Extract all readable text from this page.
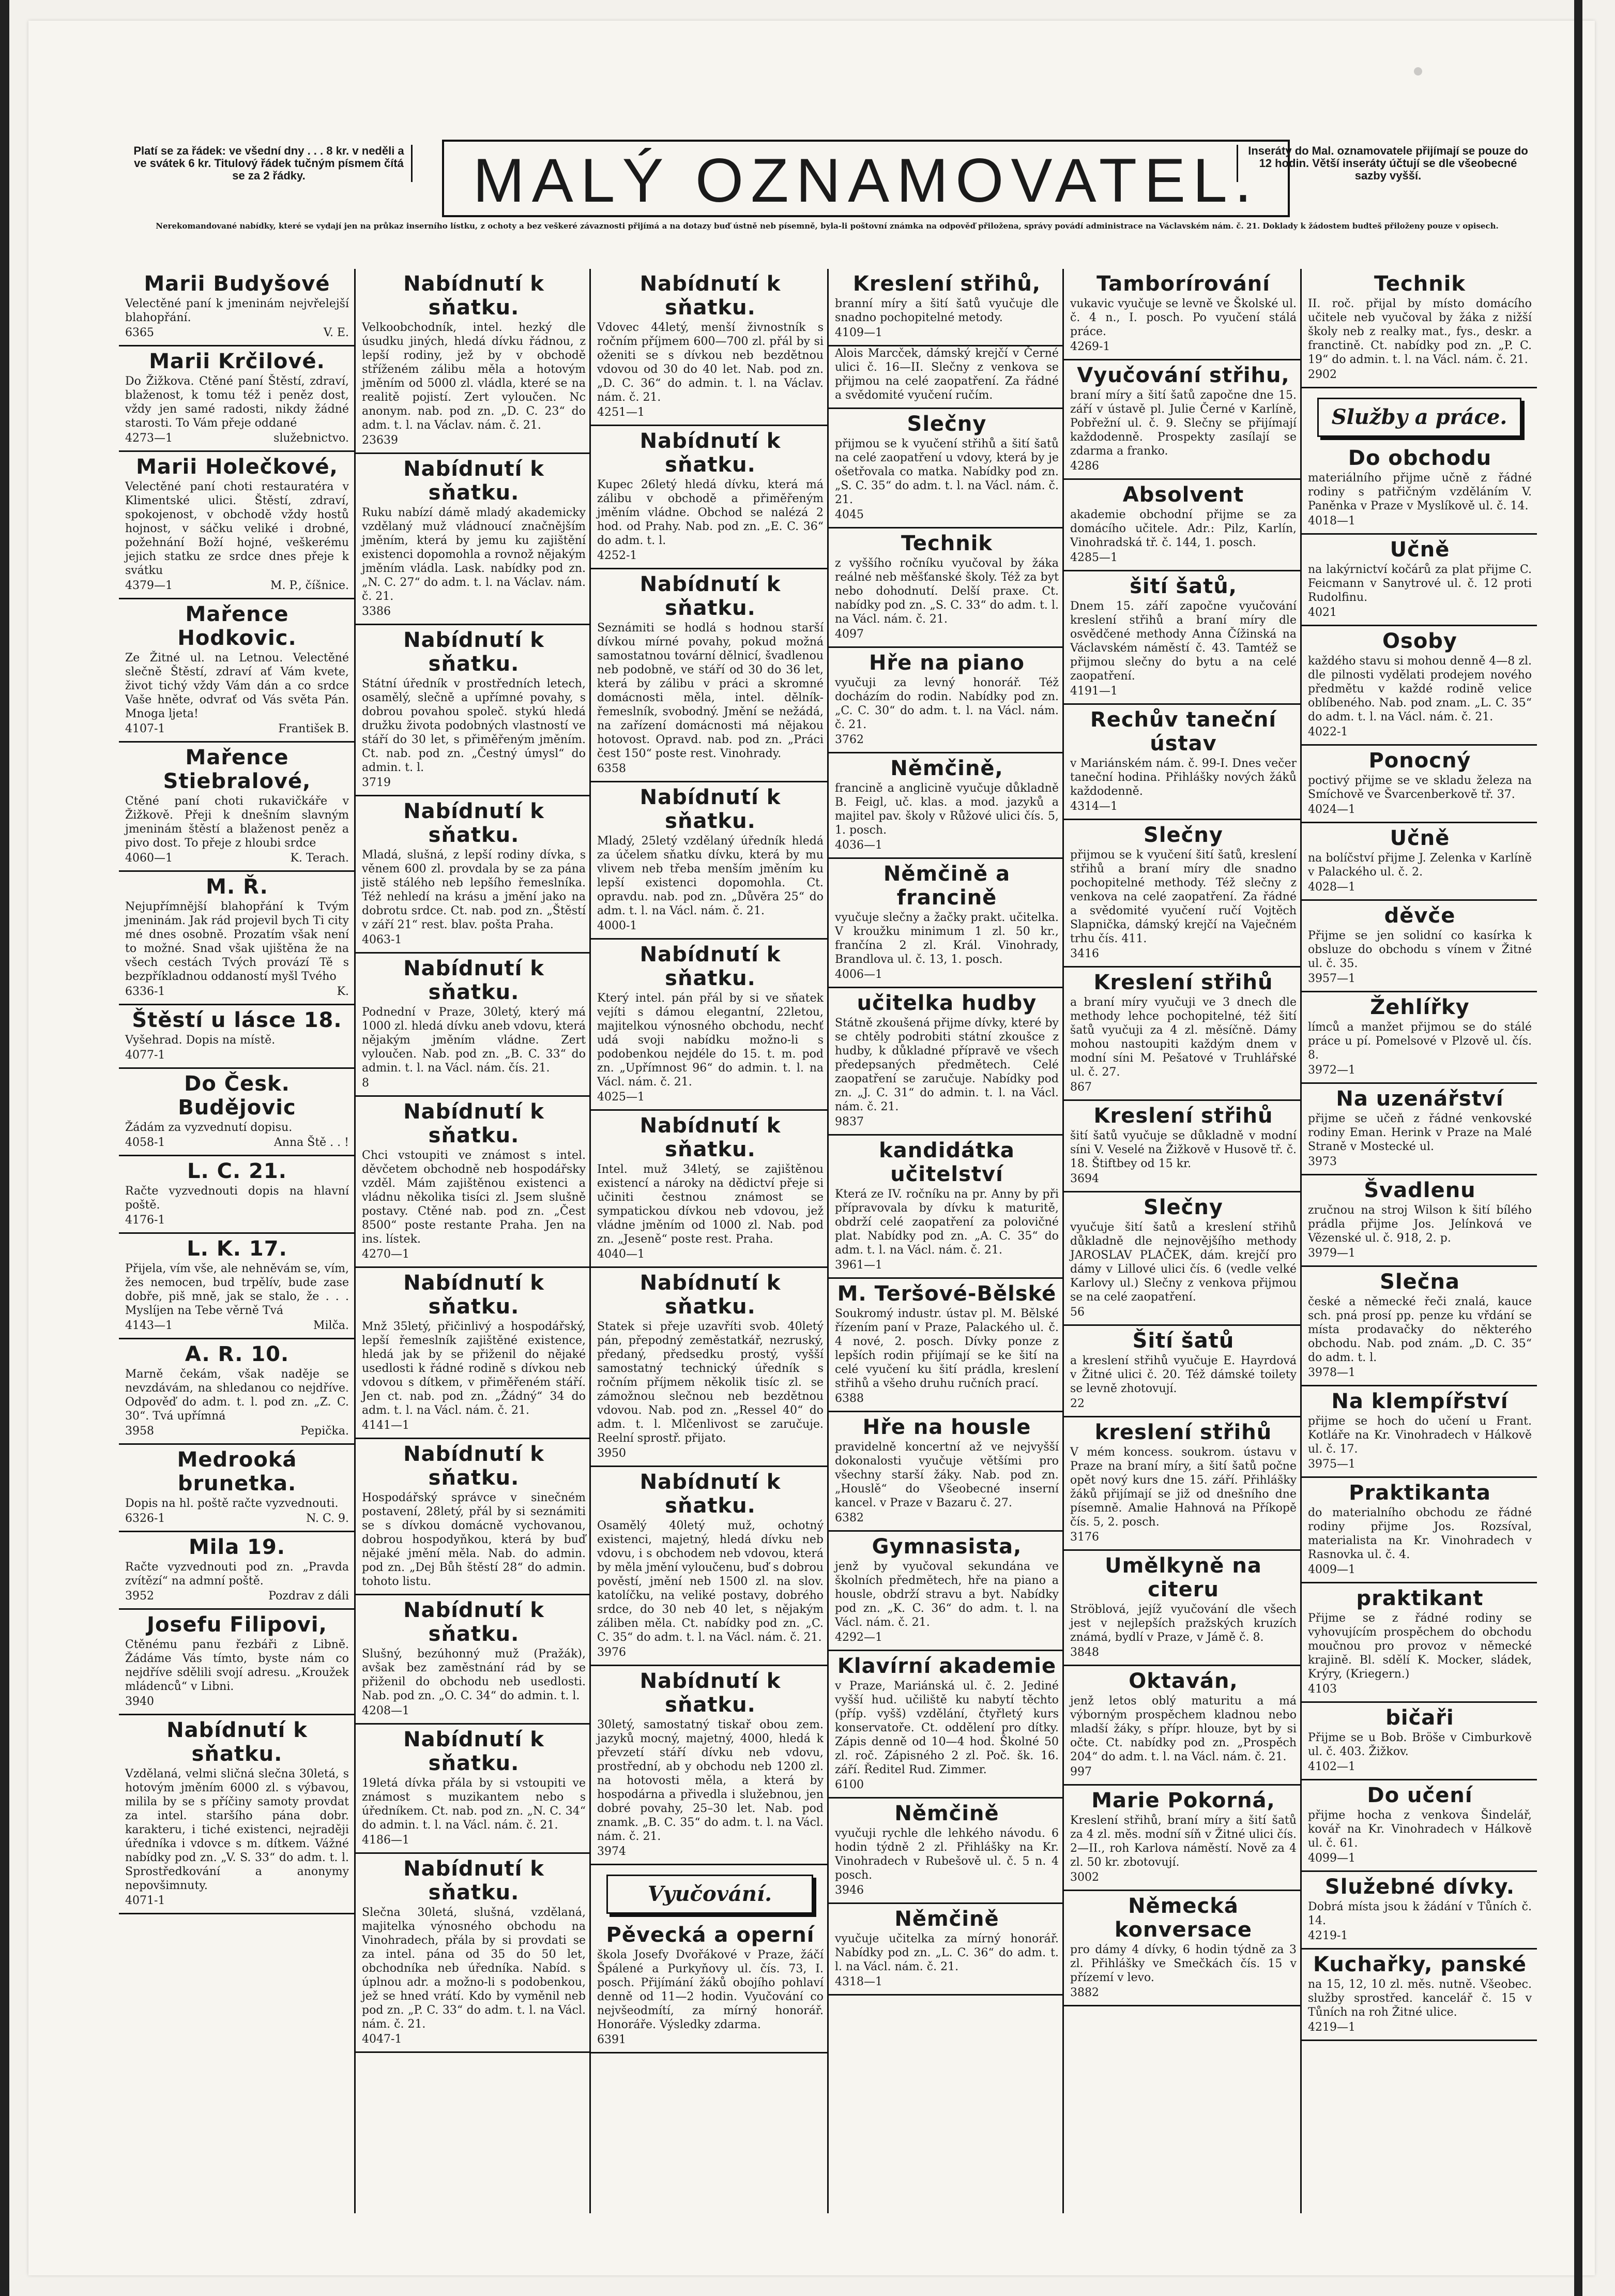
Platí se za řádek: ve všední dny . . . 8 kr. v neděli a ve svátek 6 kr. Titulový řádek tučným písmem čítá se za 2 řádky.	MALÝ OZNAMOVATEL.
Inseráty do Mal. oznamovatele přijímají se pouze do 12 hodin. Větší inseráty účtují se dle všeobecné sazby vyšší.
Nerekomandované nabídky, které se vydají jen na průkaz inserního lístku, z ochoty a bez veškeré závaznosti přijímá a na dotazy buď ústně neb písemně, byla-li poštovní známka na odpověď přiložena, správy povádí administrace na Václavském nám. č. 21. Doklady k žádostem budteš přiloženy pouze v opisech.
Marii Budyšové

Velectěné paní k jmeninám nejvřelejší blahopřání.

6365	V. E.
Marii Krčilové.

Do Žižkova. Ctěné paní Štěstí, zdraví, blaženost, k tomu též i peněz dost, vždy jen samé radosti, nikdy žádné starosti. To Vám přeje oddané

4273—1	služebnictvo.
Marii Holečkové,

Velectěné paní choti restauratéra v Klimentské ulici. Štěstí, zdraví, spokojenost, v obchodě vždy hostů hojnost, v sáčku veliké i drobné, požehnání Boží hojné, veškerému jejich statku ze srdce dnes přeje k svátku

4379—1	M. P., číšnice.
Mařence Hodkovic.

Ze Žitné ul. na Letnou. Velectěné slečně Štěstí, zdraví ať Vám kvete, život tichý vždy Vám dán a co srdce Vaše hněte, odvrať od Vás světa Pán. Mnoga ljeta!

4107-1	František B.
Mařence Stiebralové,

Ctěné paní choti rukavičkáře v Žižkově. Přeji k dnešním slavným jmeninám štěstí a blaženost peněz a pivo dost. To přeje z hloubi srdce

4060—1	K. Terach.
M. Ř.

Nejupřímnější blahopřání k Tvým jmeninám. Jak rád projevil bych Ti city mé dnes osobně. Prozatím však není to možné. Snad však ujištěna že na všech cestách Tvých provází Tě s bezpříkladnou oddaností myšl Tvého

6336-1	K.
Štěstí u lásce 18.

Vyšehrad. Dopis na místě.

4077-1
Do Česk. Budějovic

Žádám za vyzvednutí dopisu.

4058-1	Anna Ště . . !
L. C. 21.

Račte vyzvednouti dopis na hlavní poště.

4176-1
L. K. 17.

Přijela, vím vše, ale nehněvám se, vím, žes nemocen, bud trpělív, bude zase dobře, piš mně, jak se stalo, že . . . Myslíjen na Tebe věrně Tvá

4143—1	Milča.
A. R. 10.

Marně čekám, však naděje se nevzdávám, na shledanou co nejdříve. Odpověď do adm. t. l. pod zn. „Z. C. 30“. Tvá upřímná

3958	Pepička.
Medrooká brunetka.

Dopis na hl. poště račte vyzvednouti.

6326-1	N. C. 9.
Mila 19.

Račte vyzvednouti pod zn. „Pravda zvítězí“ na admní poště.

3952	Pozdrav z dáli
Josefu Filipovi,

Ctěnému panu řezbáři z Libně. Žádáme Vás tímto, byste nám co nejdříve sdělili svojí adresu. „Kroužek mládenců“ v Libni.

3940
Nabídnutí k sňatku.

Vzdělaná, velmi sličná slečna 30letá, s hotovým jměním 6000 zl. s výbavou, milila by se s příčiny samoty provdat za intel. staršího pána dobr. karakteru, i tiché existenci, nejraději úředníka i vdovce s m. dítkem. Vážné nabídky pod zn. „V. S. 33“ do adm. t. l. Sprostředkování a anonymy nepovšimnuty.

4071-1
Nabídnutí k sňatku.

Velkoobchodník, intel. hezký dle úsudku jiných, hledá dívku řádnou, z lepší rodiny, jež by v obchodě stříženém zálibu měla a hotovým jměním od 5000 zl. vládla, které se na realitě pojistí. Zert vyloučen. Nc anonym. nab. pod zn. „D. C. 23“ do adm. t. l. na Václav. nám. č. 21.

23639
Nabídnutí k sňatku.

Ruku nabízí dámě mladý akademicky vzdělaný muž vládnoucí značnějším jměním, která by jemu ku zajištění existenci dopomohla a rovnož nějakým jměním vládla. Lask. nabídky pod zn. „N. C. 27“ do adm. t. l. na Václav. nám. č. 21.

3386
Nabídnutí k sňatku.

Státní úředník v prostředních letech, osamělý, slečně a upřímné povahy, s dobrou povahou společ. stykú hledá družku života podobných vlastností ve stáří do 30 let, s přiměřeným jměním. Ct. nab. pod zn. „Čestný úmysl“ do admin. t. l.

3719
Nabídnutí k sňatku.

Mladá, slušná, z lepší rodiny dívka, s věnem 600 zl. provdala by se za pána jistě stálého neb lepšího řemeslníka. Též nehledí na krásu a jmění jako na dobrotu srdce. Ct. nab. pod zn. „Štěstí v září 21“ rest. blav. pošta Praha.

4063-1
Nabídnutí k sňatku.

Podnední v Praze, 30letý, který má 1000 zl. hledá dívku aneb vdovu, která nějakým jměním vládne. Zert vyloučen. Nab. pod zn. „B. C. 33“ do admin. t. l. na Václ. nám. čís. 21.

8
Nabídnutí k sňatku.

Chci vstoupiti ve známost s intel. děvčetem obchodně neb hospodářsky vzděl. Mám zajištěnou existenci a vládnu několika tisíci zl. Jsem slušně postavy. Ctěné nab. pod zn. „Čest 8500“ poste restante Praha. Jen na ins. lístek.

4270—1
Nabídnutí k sňatku.

Mnž 35letý, přičinlivý a hospodářský, lepší řemeslník zajištěné existence, hledá jak by se přiženil do nějaké usedlosti k řádné rodině s dívkou neb vdovou s dítkem, v přiměřeném stáří. Jen ct. nab. pod zn. „Žádný“ 34 do adm. t. l. na Václ. nám. č. 21.

4141—1
Nabídnutí k sňatku.

Hospodářský správce v sinečném postavení, 28letý, přál by si seznámiti se s dívkou domácně vychovanou, dobrou hospodyňkou, která by buď nějaké jmění měla. Nab. do admin. pod zn. „Dej Bůh štěstí 28“ do admin. tohoto listu.

Nabídnutí k sňatku.

Slušný, bezúhonný muž (Pražák), avšak bez zaměstnání rád by se přiženil do obchodu neb usedlosti. Nab. pod zn. „O. C. 34“ do admin. t. l.

4208—1
Nabídnutí k sňatku.

19letá dívka přála by si vstoupiti ve známost s muzikantem nebo s úředníkem. Ct. nab. pod zn. „N. C. 34“ do admin. t. l. na Václ. nám. č. 21.

4186—1
Nabídnutí k sňatku.

Slečna 30letá, slušná, vzdělaná, majitelka výnosného obchodu na Vinohradech, přála by si provdati se za intel. pána od 35 do 50 let, obchodníka neb úředníka. Nabíd. s úplnou adr. a možno-li s podobenkou, jež se hned vrátí. Kdo by vyměnil neb pod zn. „P. C. 33“ do adm. t. l. na Václ. nám. č. 21.

4047-1
Nabídnutí k sňatku.

Vdovec 44letý, menší živnostník s ročním příjmem 600—700 zl. přál by si oženiti se s dívkou neb bezdětnou vdovou od 30 do 40 let. Nab. pod zn. „D. C. 36“ do admin. t. l. na Václav. nám. č. 21.

4251—1
Nabídnutí k sňatku.

Kupec 26letý hledá dívku, která má zálibu v obchodě a přiměřeným jměním vládne. Obchod se nalézá 2 hod. od Prahy. Nab. pod zn. „E. C. 36“ do adm. t. l.

4252-1
Nabídnutí k sňatku.

Seznámiti se hodlá s hodnou starší dívkou mírné povahy, pokud možná samostatnou tovární dělnicí, švadlenou neb podobně, ve stáří od 30 do 36 let, která by zálibu v práci a skromné domácnosti měla, intel. dělník-řemeslník, svobodný. Jmění se nežádá, na zařízení domácnosti má nějakou hotovost. Opravd. nab. pod zn. „Práci čest 150“ poste rest. Vinohrady.

6358
Nabídnutí k sňatku.

Mladý, 25letý vzdělaný úředník hledá za účelem sňatku dívku, která by mu vlivem neb třeba menším jměním ku lepší existenci dopomohla. Ct. opravdu. nab. pod zn. „Důvěra 25“ do adm. t. l. na Václ. nám. č. 21.

4000-1
Nabídnutí k sňatku.

Který intel. pán přál by si ve sňatek vejíti s dámou elegantní, 22letou, majitelkou výnosného obchodu, nechť udá svoji nabídku možno-li s podobenkou nejdéle do 15. t. m. pod zn. „Upřímnost 96“ do admin. t. l. na Václ. nám. č. 21.

4025—1
Nabídnutí k sňatku.

Intel. muž 34letý, se zajištěnou existencí a nároky na dědictví přeje si učiniti čestnou známost se sympatickou dívkou neb vdovou, jež vládne jměním od 1000 zl. Nab. pod zn. „Jeseně“ poste rest. Praha.

4040—1
Nabídnutí k sňatku.

Statek si přeje uzavříti svob. 40letý pán, přepodný zeměstatkář, nezruský, předaný, předsedku prostý, vyšší samostatný technický úředník s ročním příjmem několik tisíc zl. se zámožnou slečnou neb bezdětnou vdovou. Nab. pod zn. „Ressel 40“ do adm. t. l. Mlčenlivost se zaručuje. Reelní sprostř. přijato.

3950
Nabídnutí k sňatku.

Osamělý 40letý muž, ochotný existenci, majetný, hledá dívku neb vdovu, i s obchodem neb vdovou, která by měla jmění vyloučenu, buď s dobrou pověstí, jmění neb 1500 zl. na slov. katolíčku, na veliké postavy, dobrého srdce, do 30 neb 40 let, s nějakým záliben měla. Ct. nabídky pod zn. „C. C. 35“ do adm. t. l. na Václ. nám. č. 21.

3976
Nabídnutí k sňatku.

30letý, samostatný tiskař obou zem. jazyků mocný, majetný, 4000, hledá k převzetí stáří dívku neb vdovu, prostřední, ab y obchodu neb 1200 zl. na hotovosti měla, a která by hospodárna a přivedla i služebnou, jen dobré povahy, 25–30 let. Nab. pod znamk. „B. C. 35“ do adm. t. l. na Václ. nám. č. 21.

3974
Vyučování.
Pěvecká a operní

škola Josefy Dvořákové v Praze, žáčí Špálené a Purkyňovy ul. čís. 73, I. posch. Přijímání žáků obojího pohlaví denně od 11—2 hodin. Vyučování co nejvšeodmítí, za mírný honorář. Honoráře. Výsledky zdarma.

6391
Kreslení střihů,

branní míry a šití šatů vyučuje dle snadno pochopitelné metody.

4109—1

Alois Marcček, dámský krejčí v Černé ulici č. 16—II. Slečny z venkova se přijmou na celé zaopatření. Za řádné a svědomité vyučení ručím.

Slečny

přijmou se k vyučení střihů a šití šatů na celé zaopatření u vdovy, která by je ošetřovala co matka. Nabídky pod zn. „S. C. 35“ do adm. t. l. na Václ. nám. č. 21.

4045
Technik

z vyššího ročníku vyučoval by žáka reálné neb měšťanské školy. Též za byt nebo dohodnutí. Delší praxe. Ct. nabídky pod zn. „S. C. 33“ do adm. t. l. na Václ. nám. č. 21.

4097
Hře na piano

vyučuji za levný honorář. Též docházím do rodin. Nabídky pod zn. „C. C. 30“ do adm. t. l. na Václ. nám. č. 21.

3762
Němčině,

francině a anglicině vyučuje důkladně B. Feigl, uč. klas. a mod. jazyků a majitel pav. školy v Růžové ulici čís. 5, 1. posch.

4036—1
Němčině a francině

vyučuje slečny a žačky prakt. učitelka. V kroužku minimum 1 zl. 50 kr., frančína 2 zl. Král. Vinohrady, Brandlova ul. č. 13, 1. posch.

4006—1
učitelka hudby

Státně zkoušená přijme dívky, které by se chtěly podrobiti státní zkoušce z hudby, k důkladné přípravě ve všech předepsaných předmětech. Celé zaopatření se zaručuje. Nabídky pod zn. „J. C. 31“ do admin. t. l. na Václ. nám. č. 21.

9837
kandidátka učitelství

Která ze IV. ročníku na pr. Anny by při přípravovala by dívku k maturitě, obdrží celé zaopatření za polovičné plat. Nabídky pod zn. „A. C. 35“ do adm. t. l. na Václ. nám. č. 21.

3961—1
M. Teršové-Bělské

Soukromý industr. ústav pl. M. Bělské řízením paní v Praze, Palackého ul. č. 4 nové, 2. posch. Dívky ponze z lepších rodin přijímají se ke šití na celé vyučení ku šití prádla, kreslení střihů a všeho druhu ručních prací.

6388
Hře na housle

pravidelně koncertní až ve nejvyšší dokonalosti vyučuje většími pro všechny starší žáky. Nab. pod zn. „Houslě“ do Všeobecné inserní kancel. v Praze v Bazaru č. 27.

6382
Gymnasista,

jenž by vyučoval sekundána ve školních předmětech, hře na piano a housle, obdrží stravu a byt. Nabídky pod zn. „K. C. 36“ do adm. t. l. na Václ. nám. č. 21.

4292—1
Klavírní akademie

v Praze, Mariánská ul. č. 2. Jediné vyšší hud. učiliště ku nabytí těchto (příp. vyšš) vzdělání, čtyřletý kurs konservatoře. Ct. oddělení pro dítky. Zápis denně od 10—4 hod. Školné 50 zl. roč. Zápisného 2 zl. Poč. šk. 16. září. Ředitel Rud. Zimmer.

6100
Němčině

vyučuji rychle dle lehkého návodu. 6 hodin týdně 2 zl. Přihlášky na Kr. Vinohradech v Rubešově ul. č. 5 n. 4 posch.

3946
Němčině

vyučuje učitelka za mírný honorář. Nabídky pod zn. „L. C. 36“ do adm. t. l. na Václ. nám. č. 21.

4318—1
Tamborírování

vukavic vyučuje se levně ve Školské ul. č. 4 n., I. posch. Po vyučení stálá práce.

4269-1
Vyučování střihu,

braní míry a šití šatů započne dne 15. září v ústavě pl. Julie Černé v Karlíně, Pobřežní ul. č. 9. Slečny se přijímají každodenně. Prospekty zasílají se zdarma a franko.

4286
Absolvent

akademie obchodní přijme se za domácího učitele. Adr.: Pilz, Karlín, Vinohradská tř. č. 144, 1. posch.

4285—1
šití šatů,

Dnem 15. září započne vyučování kreslení střihů a braní míry dle osvědčené methody Anna Čížinská na Václavském náměstí č. 43. Tamtéž se přijmou slečny do bytu a na celé zaopatření.

4191—1
Rechův taneční ústav

v Mariánském nám. č. 99-I. Dnes večer taneční hodina. Přihlášky nových žáků každodenně.

4314—1
Slečny

přijmou se k vyučení šití šatů, kreslení střihů a braní míry dle snadno pochopitelné methody. Též slečny z venkova na celé zaopatření. Za řádné a svědomité vyučení ručí Vojtěch Slapnička, dámský krejčí na Vaječném trhu čís. 411.

3416
Kreslení střihů

a braní míry vyučuji ve 3 dnech dle methody lehce pochopitelné, též šití šatů vyučuji za 4 zl. měsíčně. Dámy mohou nastoupiti každým dnem v modní síni M. Pešatové v Truhlářské ul. č. 27.

867
Kreslení střihů

šití šatů vyučuje se důkladně v modní síni V. Veselé na Žižkově v Husově tř. č. 18. Štiftbey od 15 kr.

3694
Slečny

vyučuje šití šatů a kreslení střihů důkladně dle nejnovějšího methody JAROSLAV PLAČEK, dám. krejčí pro dámy v Lillové ulici čís. 6 (vedle velké Karlovy ul.) Slečny z venkova přijmou se na celé zaopatření.

56
Šití šatů

a kreslení střihů vyučuje E. Hayrdová v Žitné ulici č. 20. Též dámské toilety se levně zhotovují.

22
kreslení střihů

V mém koncess. soukrom. ústavu v Praze na braní míry, a šití šatů počne opět nový kurs dne 15. září. Přihlášky žáků přijímají se již od dnešního dne písemně. Amalie Hahnová na Příkopě čís. 5, 2. posch.

3176
Umělkyně na citeru

Ströblová, jejíž vyučování dle všech jest v nejlepších pražských kruzích známá, bydlí v Praze, v Jámě č. 8.

3848
Oktaván,

jenž letos oblý maturitu a má výborným prospěchem kladnou nebo mladší žáky, s přípr. hlouze, byt by si očte. Ct. nabídky pod zn. „Prospěch 204“ do adm. t. l. na Václ. nám. č. 21.

997
Marie Pokorná,

Kreslení střihů, braní míry a šití šatů za 4 zl. měs. modní síň v Žitné ulici čís. 2—II., roh Karlova náměstí. Nově za 4 zl. 50 kr. zbotovují.

3002
Německá konversace

pro dámy 4 dívky, 6 hodin týdně za 3 zl. Přihlášky ve Smečkách čís. 15 v přízemí v levo.

3882
Technik

II. roč. přijal by místo domácího učitele neb vyučoval by žáka z nižší školy neb z realky mat., fys., deskr. a franctině. Ct. nabídky pod zn. „P. C. 19“ do admin. t. l. na Václ. nám. č. 21.

2902
Služby a práce.
Do obchodu

materiálního přijme učně z řádné rodiny s patřičným vzděláním V. Paněnka v Praze v Myslíkově ul. č. 14.

4018—1
Učně

na lakýrnictví kočárů za plat přijme C. Feicmann v Sanytrové ul. č. 12 proti Rudolfinu.

4021
Osoby

každého stavu si mohou denně 4—8 zl. dle pilnosti vydělati prodejem nového předmětu v každé rodině velice oblíbeného. Nab. pod znam. „L. C. 35“ do adm. t. l. na Václ. nám. č. 21.

4022-1
Ponocný

poctivý přijme se ve skladu železa na Smíchově ve Švarcenberkově tř. 37.

4024—1
Učně

na bolíčství přijme J. Zelenka v Karlíně v Palackého ul. č. 2.

4028—1
děvče

Přijme se jen solidní co kasírka k obsluze do obchodu s vínem v Žitné ul. č. 35.

3957—1
Žehlířky

límců a manžet přijmou se do stálé práce u pí. Pomelsové v Plzově ul. čís. 8.

3972—1
Na uzenářství

přijme se učeň z řádné venkovské rodiny Eman. Herink v Praze na Malé Straně v Mostecké ul.

3973
Švadlenu

zručnou na stroj Wilson k šití bílého prádla přijme Jos. Jelínková ve Vězenské ul. č. 918, 2. p.

3979—1
Slečna

české a německé řeči znalá, kauce sch. pná prosí pp. penze ku vřdání se místa prodavačky do některého obchodu. Nab. pod znám. „D. C. 35“ do adm. t. l.

3978—1
Na klempířství

přijme se hoch do učení u Frant. Kotláře na Kr. Vinohradech v Hálkově ul. č. 17.

3975—1
Praktikanta

do materialního obchodu ze řádné rodiny přijme Jos. Rozsíval, materialista na Kr. Vinohradech v Rasnovka ul. č. 4.

4009—1
praktikant

Přijme se z řádné rodiny se vyhovujícím prospěchem do obchodu moučnou pro provoz v německé krajině. Bl. sdělí K. Mocker, sládek, Krýry, (Kriegern.)

4103
bičaři

Přijme se u Bob. Bröše v Cimburkově ul. č. 403. Žižkov.

4102—1
Do učení

přijme hocha z venkova Šindelář, kovář na Kr. Vinohradech v Hálkově ul. č. 61.

4099—1
Služebné dívky.

Dobrá místa jsou k žádání v Tůních č. 14.

4219-1
Kuchařky, panské

na 15, 12, 10 zl. měs. nutně. Všeobec. služby sprostřed. kancelář č. 15 v Tůních na roh Žitné ulice.

4219—1
